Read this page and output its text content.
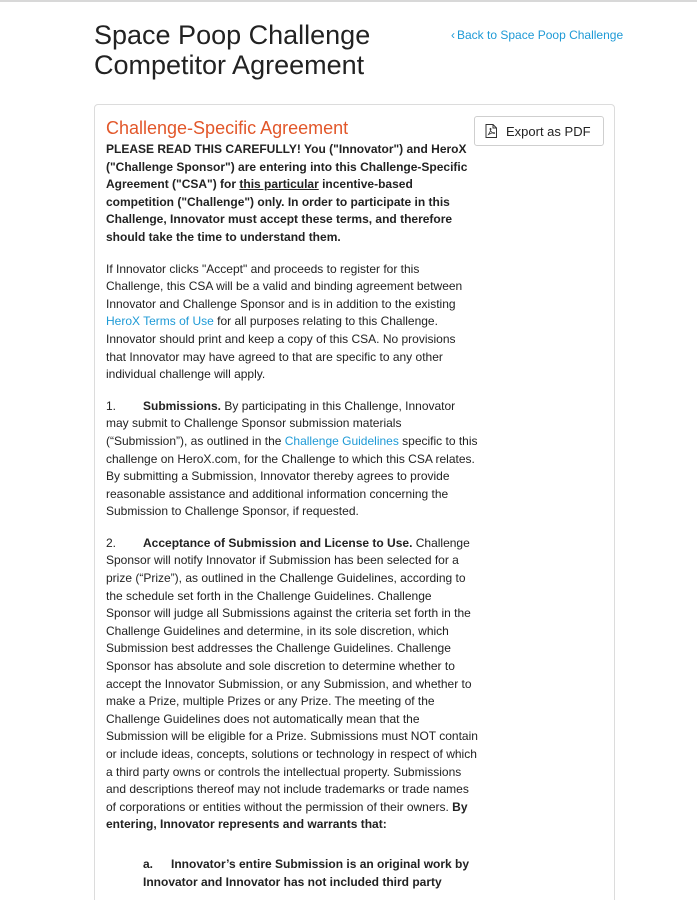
Space Poop Challenge Competitor Agreement
‹ Back to Space Poop Challenge
Challenge-Specific Agreement	Export as PDF

PLEASE READ THIS CAREFULLY! You ("Innovator") and HeroX ("Challenge Sponsor") are entering into this Challenge-Specific Agreement ("CSA") for this particular incentive-based competition ("Challenge") only. In order to participate in this Challenge, Innovator must accept these terms, and therefore should take the time to understand them.

If Innovator clicks "Accept" and proceeds to register for this Challenge, this CSA will be a valid and binding agreement between Innovator and Challenge Sponsor and is in addition to the existing HeroX Terms of Use for all purposes relating to this Challenge. Innovator should print and keep a copy of this CSA. No provisions that Innovator may have agreed to that are specific to any other individual challenge will apply.

1. Submissions. By participating in this Challenge, Innovator may submit to Challenge Sponsor submission materials (“Submission”), as outlined in the Challenge Guidelines specific to this challenge on HeroX.com, for the Challenge to which this CSA relates. By submitting a Submission, Innovator thereby agrees to provide reasonable assistance and additional information concerning the Submission to Challenge Sponsor, if requested.

2. Acceptance of Submission and License to Use. Challenge Sponsor will notify Innovator if Submission has been selected for a prize (“Prize”), as outlined in the Challenge Guidelines, according to the schedule set forth in the Challenge Guidelines. Challenge Sponsor will judge all Submissions against the criteria set forth in the Challenge Guidelines and determine, in its sole discretion, which Submission best addresses the Challenge Guidelines. Challenge Sponsor has absolute and sole discretion to determine whether to accept the Innovator Submission, or any Submission, and whether to make a Prize, multiple Prizes or any Prize. The meeting of the Challenge Guidelines does not automatically mean that the Submission will be eligible for a Prize. Submissions must NOT contain or include ideas, concepts, solutions or technology in respect of which a third party owns or controls the intellectual property. Submissions and descriptions thereof may not include trademarks or trade names of corporations or entities without the permission of their owners. By entering, Innovator represents and warrants that:

a. Innovator’s entire Submission is an original work by Innovator and Innovator has not included third party
